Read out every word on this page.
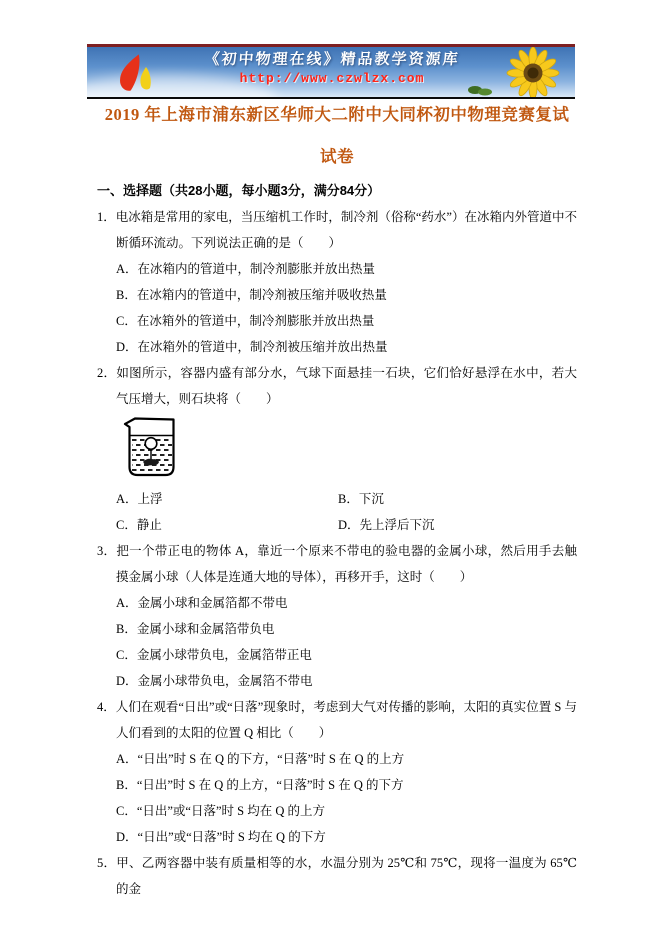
《初中物理在线》精品教学资源库
http://www.czwlzx.com
2019 年上海市浦东新区华师大二附中大同杯初中物理竞赛复试
试卷
一、选择题（共28小题，每小题3分，满分84分）
1．电冰箱是常用的家电，当压缩机工作时，制冷剂（俗称“药水”）在冰箱内外管道中不断循环流动。下列说法正确的是（　　）
A．在冰箱内的管道中，制冷剂膨胀并放出热量
B．在冰箱内的管道中，制冷剂被压缩并吸收热量
C．在冰箱外的管道中，制冷剂膨胀并放出热量
D．在冰箱外的管道中，制冷剂被压缩并放出热量
2．如图所示，容器内盛有部分水，气球下面悬挂一石块，它们恰好悬浮在水中，若大气压增大，则石块将（　　）
A．上浮	B．下沉
C．静止	D．先上浮后下沉
3．把一个带正电的物体 A，靠近一个原来不带电的验电器的金属小球，然后用手去触摸金属小球（人体是连通大地的导体），再移开手，这时（　　）
A．金属小球和金属箔都不带电
B．金属小球和金属箔带负电
C．金属小球带负电，金属箔带正电
D．金属小球带负电，金属箔不带电
4．人们在观看“日出”或“日落”现象时，考虑到大气对传播的影响，太阳的真实位置 S 与人们看到的太阳的位置 Q 相比（　　）
A．“日出”时 S 在 Q 的下方，“日落”时 S 在 Q 的上方
B．“日出”时 S 在 Q 的上方，“日落”时 S 在 Q 的下方
C．“日出”或“日落”时 S 均在 Q 的上方
D．“日出”或“日落”时 S 均在 Q 的下方
5．甲、乙两容器中装有质量相等的水，水温分别为 25℃和 75℃，现将一温度为 65℃的金
